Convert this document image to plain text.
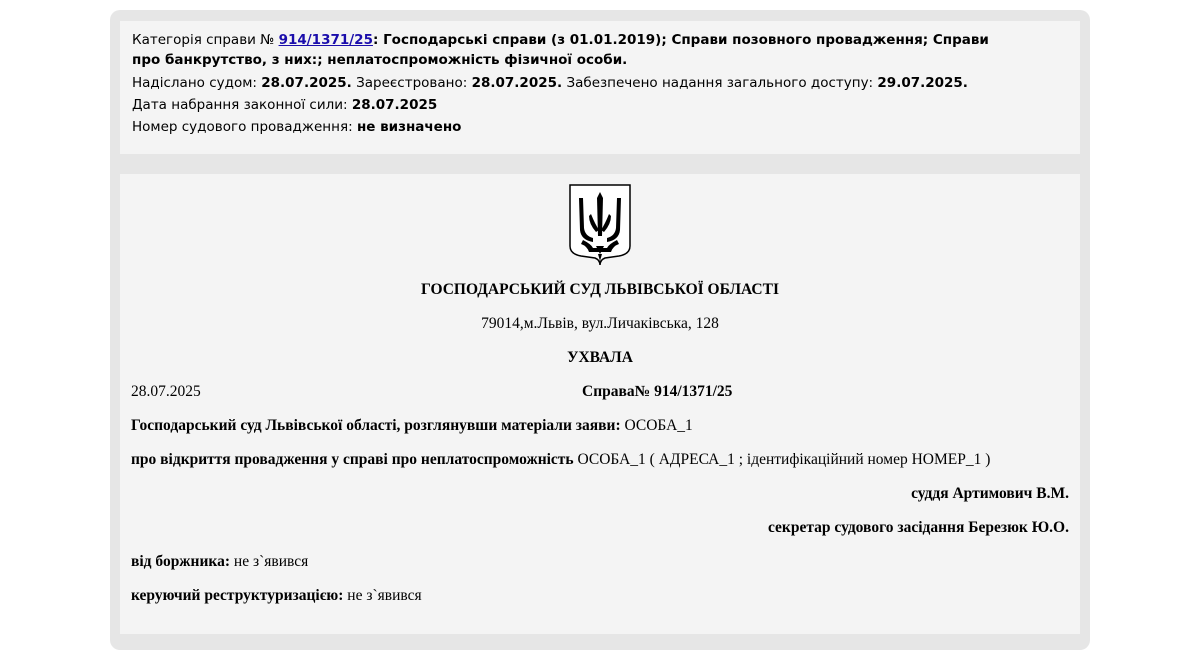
Категорія справи № 914/1371/25: Господарські справи (з 01.01.2019); Справи позовного провадження; Справи про банкрутство, з них:; неплатоспроможність фізичної особи.
Надіслано судом: 28.07.2025. Зареєстровано: 28.07.2025. Забезпечено надання загального доступу: 29.07.2025.
Дата набрання законної сили: 28.07.2025
Номер судового провадження: не визначено
ГОСПОДАРСЬКИЙ СУД ЛЬВІВСЬКОЇ ОБЛАСТІ
79014,м.Львів, вул.Личаківська, 128
УХВАЛА
28.07.2025	Справа№ 914/1371/25
Господарський суд Львівської області, розглянувши матеріали заяви: ОСОБА_1
про відкриття провадження у справі про неплатоспроможність ОСОБА_1 ( АДРЕСА_1 ; ідентифікаційний номер НОМЕР_1 )
суддя Артимович В.М.
секретар судового засідання Березюк Ю.О.
від боржника: не з`явився
керуючий реструктуризацією: не з`явився
